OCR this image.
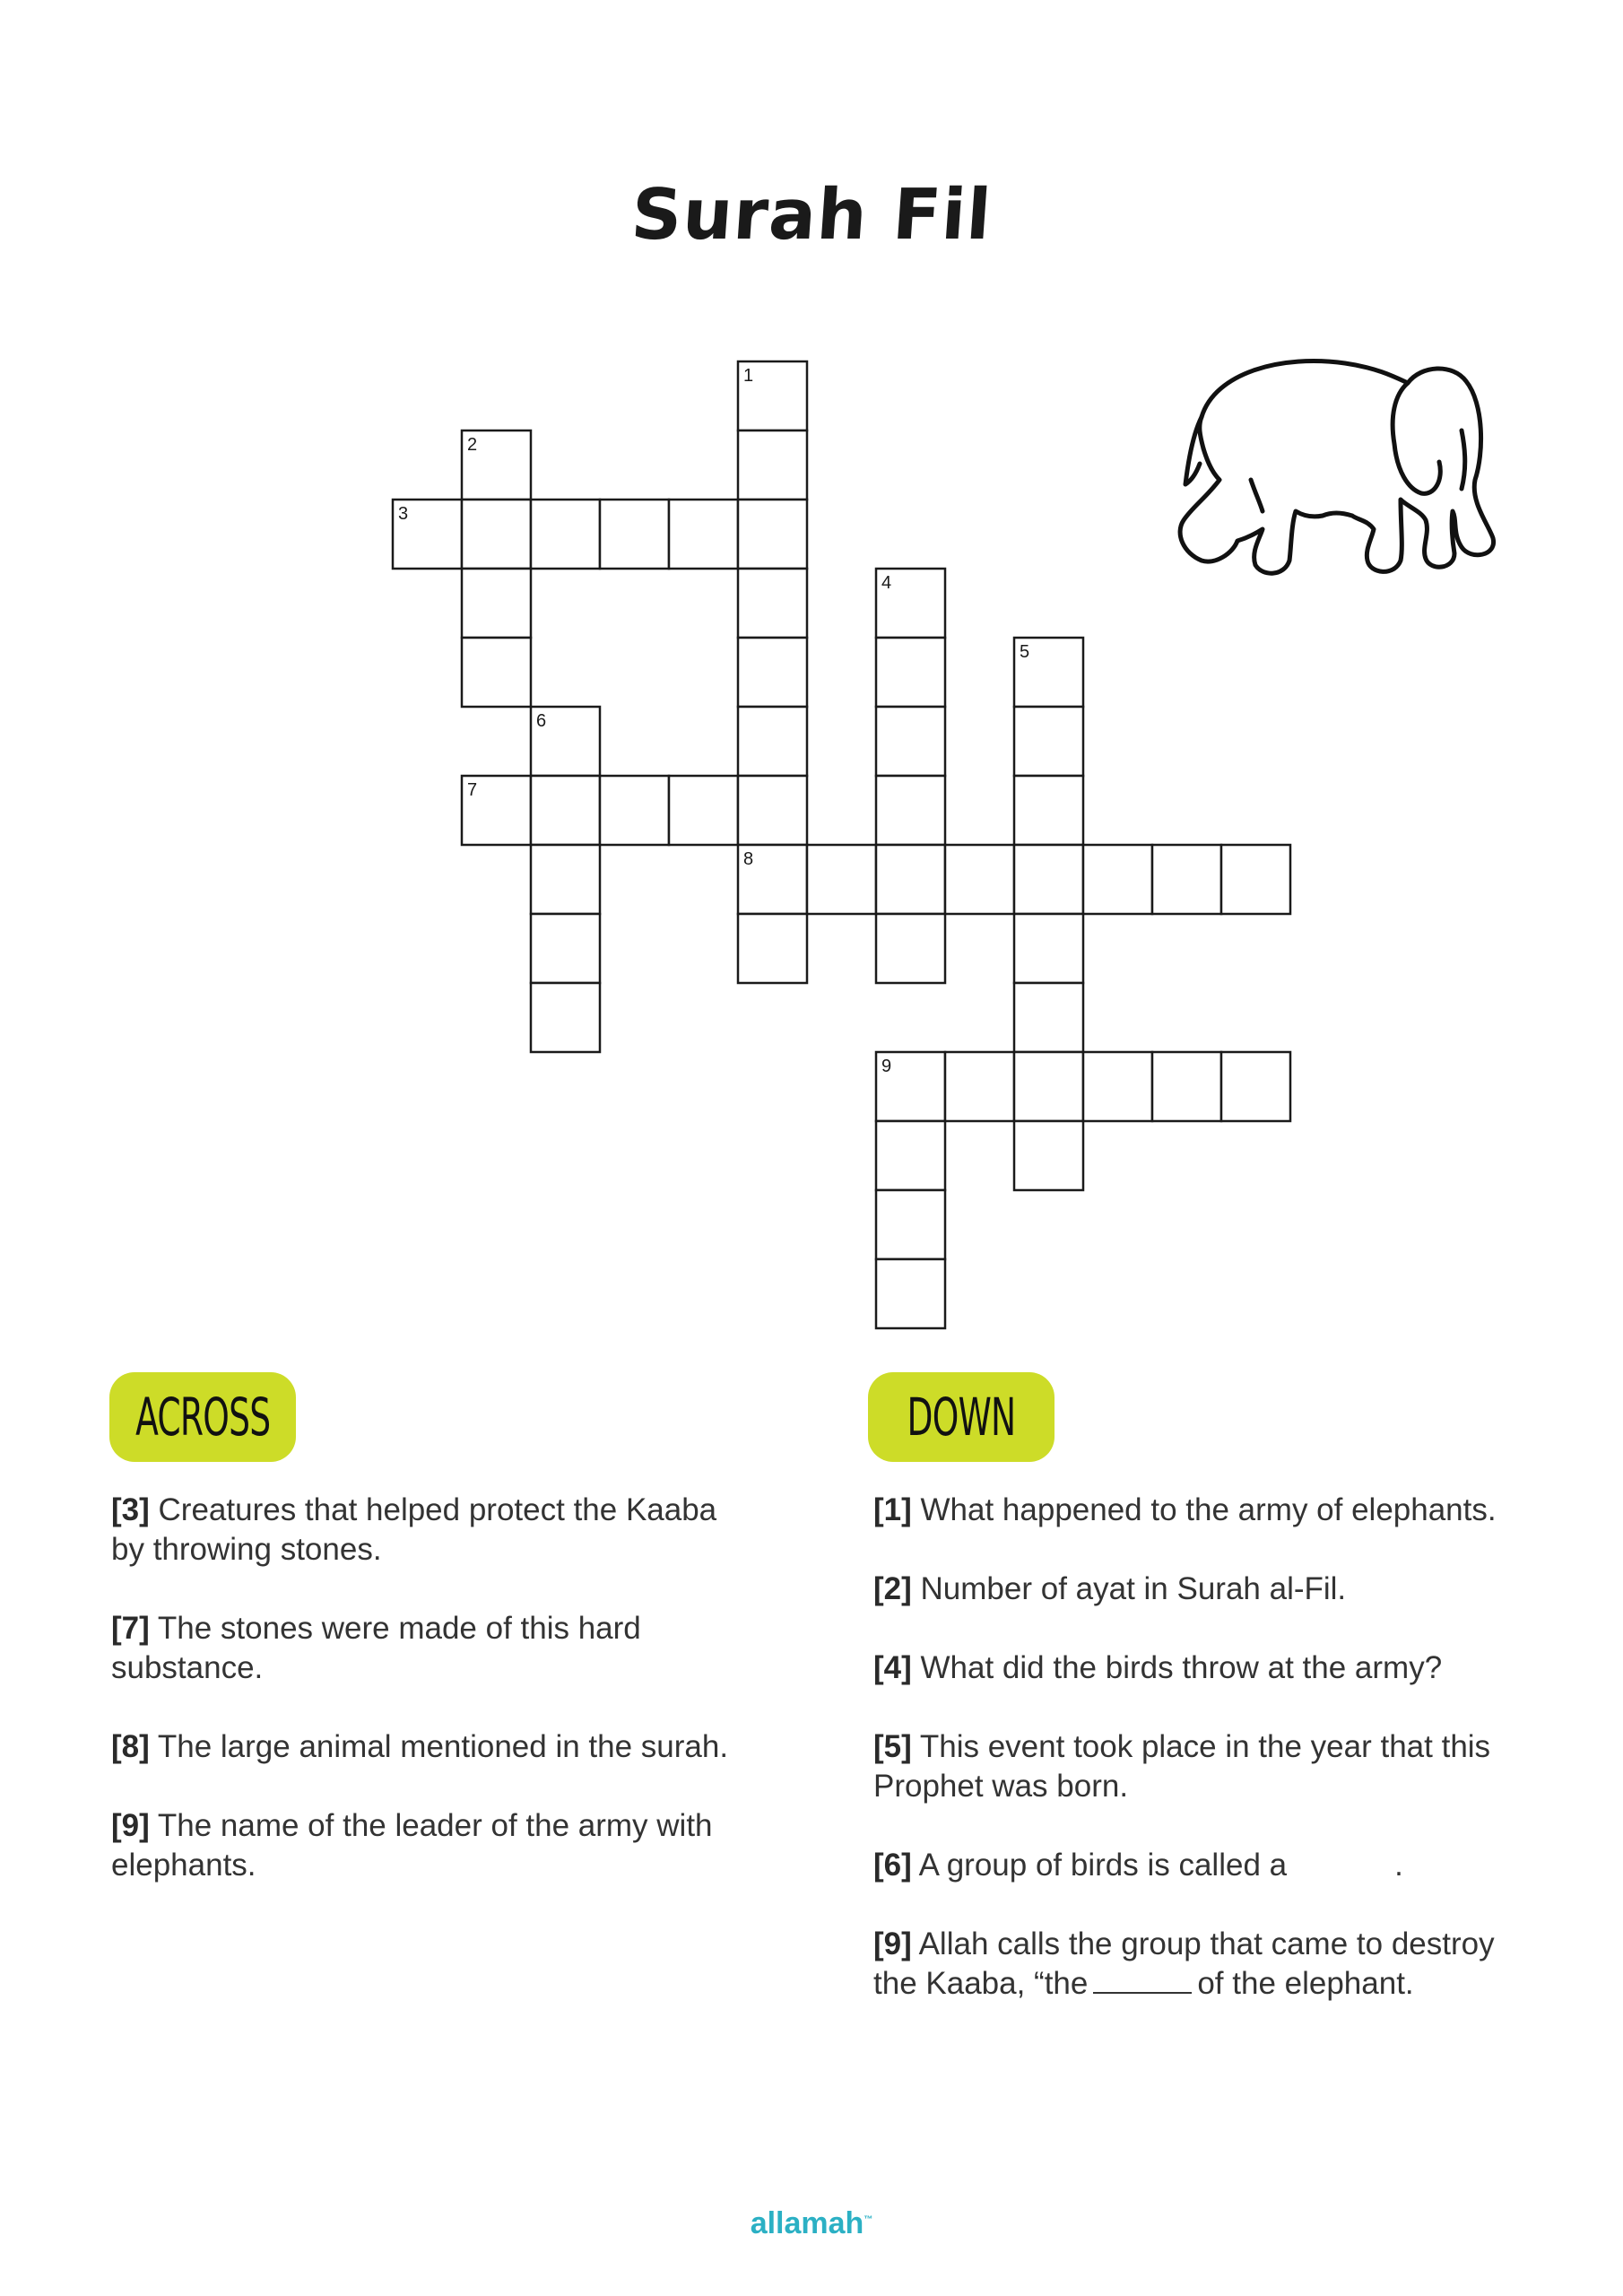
Surah Fil
1
2
3
4
5
6
7
8
9
ACROSS	DOWN

[3] Creatures that helped protect the Kaaba by throwing stones.

[7] The stones were made of this hard substance.

[8] The large animal mentioned in the surah.

[9] The name of the leader of the army with elephants.

[1] What happened to the army of elephants.

[2] Number of ayat in Surah al-Fil.

[4] What did the birds throw at the army?

[5] This event took place in the year that this Prophet was born.

[6] A group of birds is called a	.

[9] Allah calls the group that came to destroy the Kaaba, “the	of the elephant.

allamah™
